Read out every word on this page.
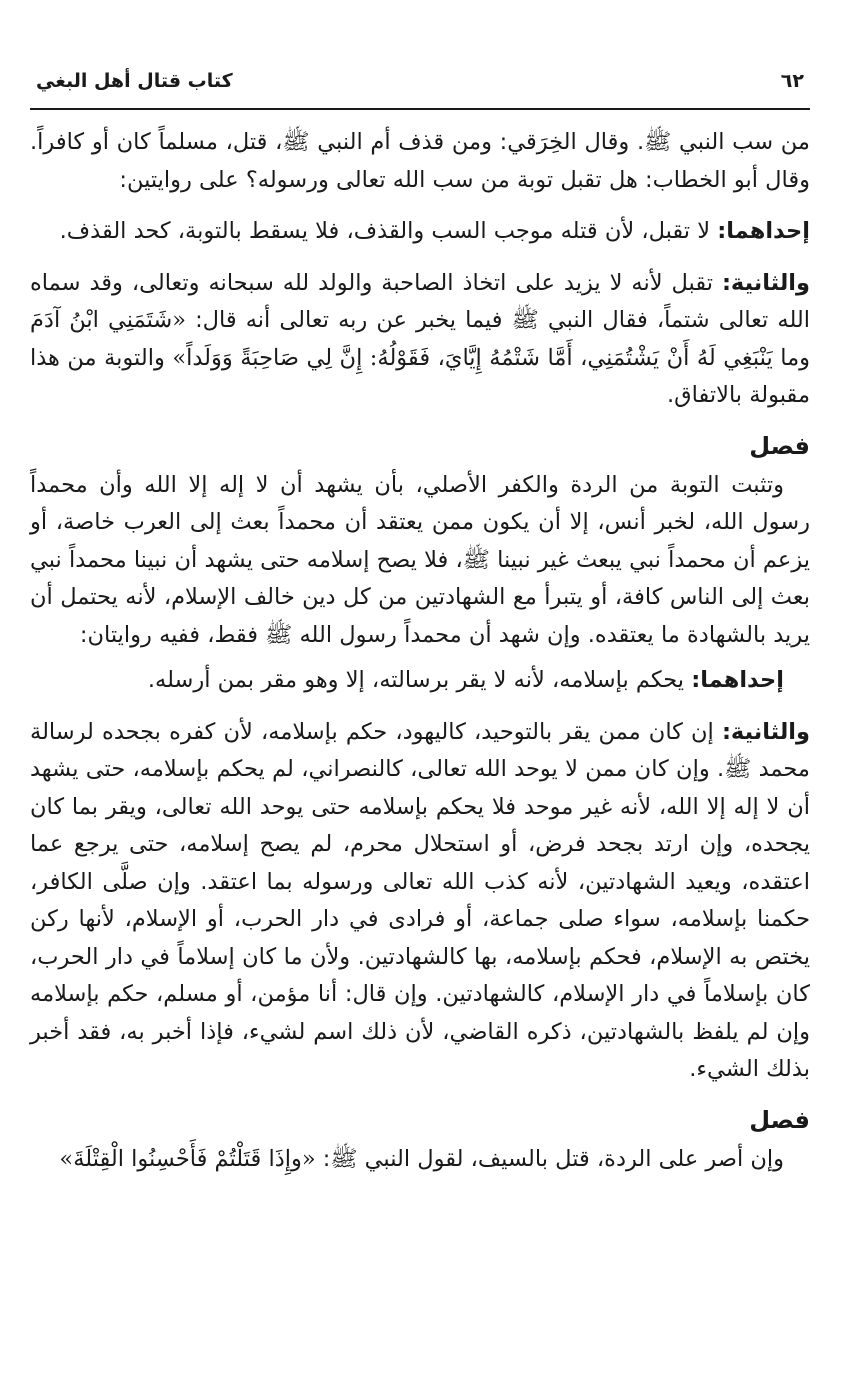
٦٢
كتاب قتال أهل البغي

من سب النبي ﷺ. وقال الخِرَقي: ومن قذف أم النبي ﷺ، قتل، مسلماً كان أو كافراً. وقال أبو الخطاب: هل تقبل توبة من سب الله تعالى ورسوله؟ على روايتين:

إحداهما: لا تقبل، لأن قتله موجب السب والقذف، فلا يسقط بالتوبة، كحد القذف.

والثانية: تقبل لأنه لا يزيد على اتخاذ الصاحبة والولد لله سبحانه وتعالى، وقد سماه الله تعالى شتماً، فقال النبي ﷺ فيما يخبر عن ربه تعالى أنه قال: «شَتَمَنِي ابْنُ آدَمَ وما يَنْبَغِي لَهُ أَنْ يَشْتُمَنِي، أَمَّا شَتْمُهُ إِيَّايَ، فَقَوْلُهُ: إِنَّ لِي صَاحِبَةً وَوَلَداً» والتوبة من هذا مقبولة بالاتفاق.

فصل

وتثبت التوبة من الردة والكفر الأصلي، بأن يشهد أن لا إله إلا الله وأن محمداً رسول الله، لخبر أنس، إلا أن يكون ممن يعتقد أن محمداً بعث إلى العرب خاصة، أو يزعم أن محمداً نبي يبعث غير نبينا ﷺ، فلا يصح إسلامه حتى يشهد أن نبينا محمداً نبي بعث إلى الناس كافة، أو يتبرأ مع الشهادتين من كل دين خالف الإسلام، لأنه يحتمل أن يريد بالشهادة ما يعتقده. وإن شهد أن محمداً رسول الله ﷺ فقط، ففيه روايتان:

إحداهما: يحكم بإسلامه، لأنه لا يقر برسالته، إلا وهو مقر بمن أرسله.

والثانية: إن كان ممن يقر بالتوحيد، كاليهود، حكم بإسلامه، لأن كفره بجحده لرسالة محمد ﷺ. وإن كان ممن لا يوحد الله تعالى، كالنصراني، لم يحكم بإسلامه، حتى يشهد أن لا إله إلا الله، لأنه غير موحد فلا يحكم بإسلامه حتى يوحد الله تعالى، ويقر بما كان يجحده، وإن ارتد بجحد فرض، أو استحلال محرم، لم يصح إسلامه، حتى يرجع عما اعتقده، ويعيد الشهادتين، لأنه كذب الله تعالى ورسوله بما اعتقد. وإن صلَّى الكافر، حكمنا بإسلامه، سواء صلى جماعة، أو فرادى في دار الحرب، أو الإسلام، لأنها ركن يختص به الإسلام، فحكم بإسلامه، بها كالشهادتين. ولأن ما كان إسلاماً في دار الحرب، كان بإسلاماً في دار الإسلام، كالشهادتين. وإن قال: أنا مؤمن، أو مسلم، حكم بإسلامه وإن لم يلفظ بالشهادتين، ذكره القاضي، لأن ذلك اسم لشيء، فإذا أخبر به، فقد أخبر بذلك الشيء.

فصل

وإن أصر على الردة، قتل بالسيف، لقول النبي ﷺ: «وإِذَا قَتَلْتُمْ فَأَحْسِنُوا الْقِتْلَةَ»
